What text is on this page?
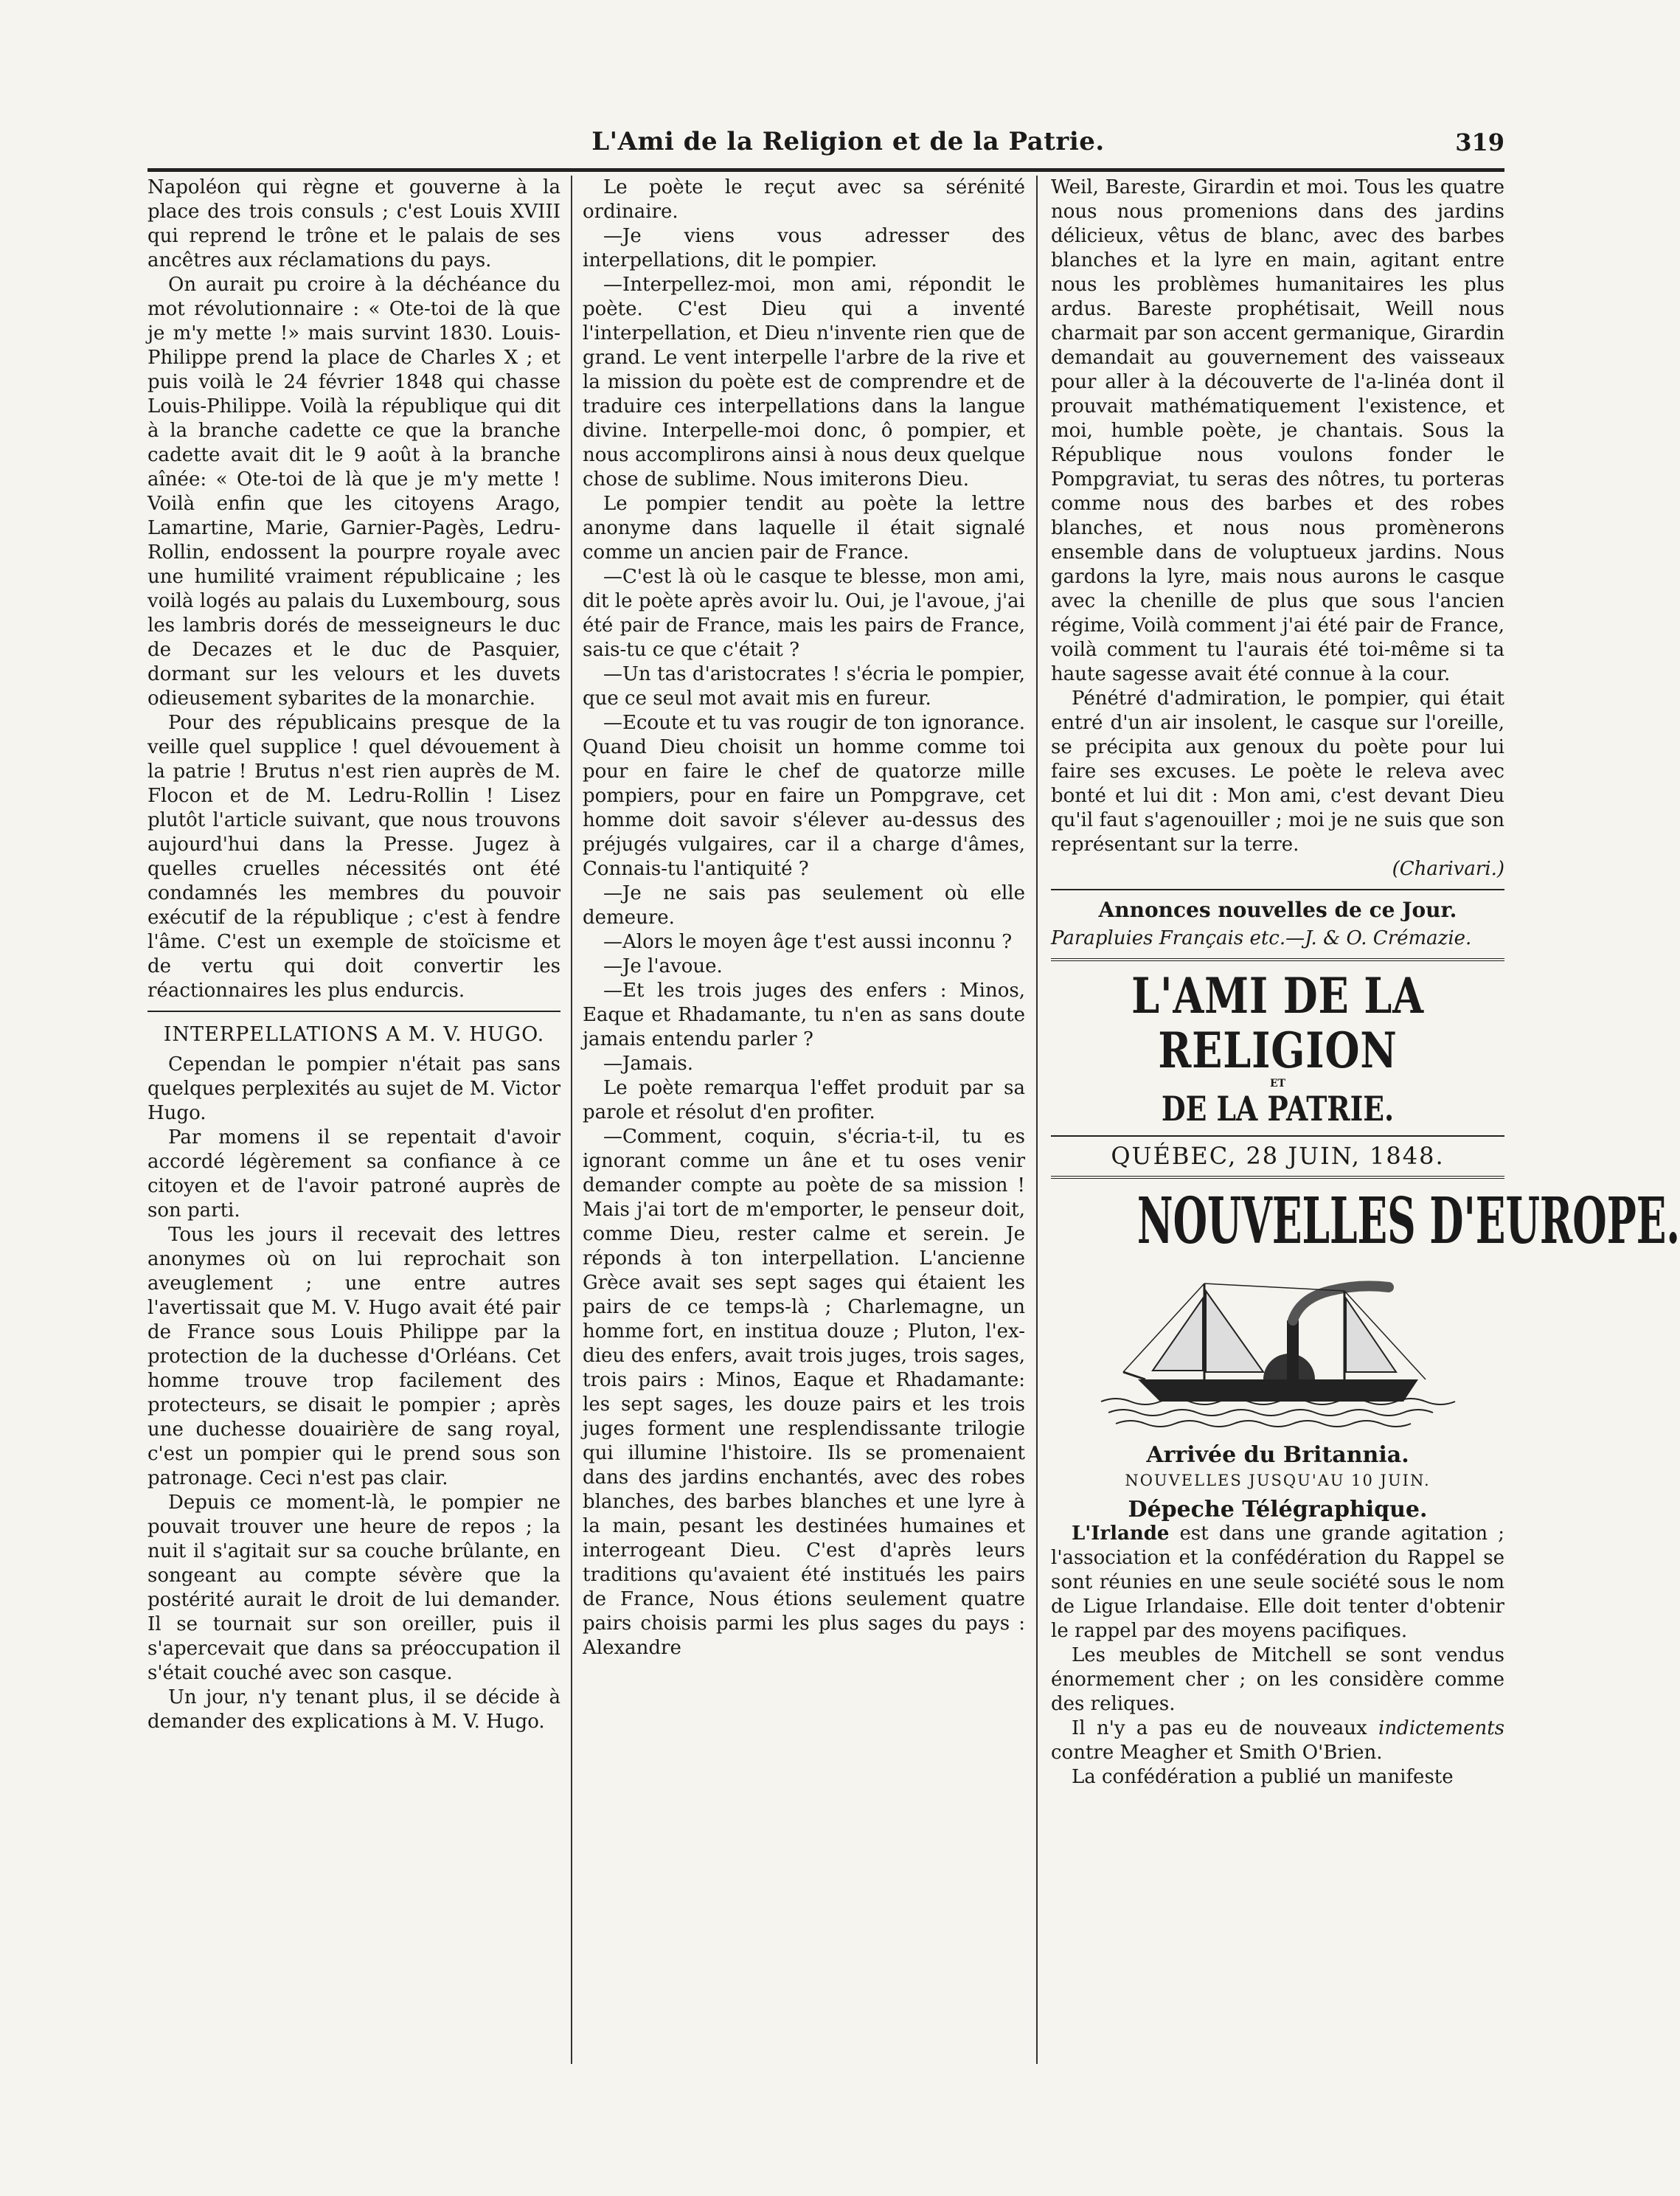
L'Ami de la Religion et de la Patrie.	319

Napoléon qui règne et gouverne à la place des trois consuls ; c'est Louis XVIII qui reprend le trône et le palais de ses ancêtres aux réclamations du pays.

On aurait pu croire à la déchéance du mot révolutionnaire : « Ote-toi de là que je m'y mette !» mais survint 1830. Louis-Philippe prend la place de Charles X ; et puis voilà le 24 février 1848 qui chasse Louis-Philippe. Voilà la république qui dit à la branche cadette ce que la branche cadette avait dit le 9 août à la branche aînée: « Ote-toi de là que je m'y mette ! Voilà enfin que les citoyens Arago, Lamartine, Marie, Garnier-Pagès, Ledru-Rollin, endossent la pourpre royale avec une humilité vraiment républicaine ; les voilà logés au palais du Luxembourg, sous les lambris dorés de messeigneurs le duc de Decazes et le duc de Pasquier, dormant sur les velours et les duvets odieusement sybarites de la monarchie.

Pour des républicains presque de la veille quel supplice ! quel dévouement à la patrie ! Brutus n'est rien auprès de M. Flocon et de M. Ledru-Rollin ! Lisez plutôt l'article suivant, que nous trouvons aujourd'hui dans la Presse. Jugez à quelles cruelles nécessités ont été condamnés les membres du pouvoir exécutif de la république ; c'est à fendre l'âme. C'est un exemple de stoïcisme et de vertu qui doit convertir les réactionnaires les plus endurcis.

INTERPELLATIONS A M. V. HUGO.

Cependan le pompier n'était pas sans quelques perplexités au sujet de M. Victor Hugo.

Par momens il se repentait d'avoir accordé légèrement sa confiance à ce citoyen et de l'avoir patroné auprès de son parti.

Tous les jours il recevait des lettres anonymes où on lui reprochait son aveuglement ; une entre autres l'avertissait que M. V. Hugo avait été pair de France sous Louis Philippe par la protection de la duchesse d'Orléans. Cet homme trouve trop facilement des protecteurs, se disait le pompier ; après une duchesse douairière de sang royal, c'est un pompier qui le prend sous son patronage. Ceci n'est pas clair.

Depuis ce moment-là, le pompier ne pouvait trouver une heure de repos ; la nuit il s'agitait sur sa couche brûlante, en songeant au compte sévère que la postérité aurait le droit de lui demander. Il se tournait sur son oreiller, puis il s'apercevait que dans sa préoccupation il s'était couché avec son casque.

Un jour, n'y tenant plus, il se décide à demander des explications à M. V. Hugo.

Le poète le reçut avec sa sérénité ordinaire.

—Je viens vous adresser des interpellations, dit le pompier.

—Interpellez-moi, mon ami, répondit le poète. C'est Dieu qui a inventé l'interpellation, et Dieu n'invente rien que de grand. Le vent interpelle l'arbre de la rive et la mission du poète est de comprendre et de traduire ces interpellations dans la langue divine. Interpelle-moi donc, ô pompier, et nous accomplirons ainsi à nous deux quelque chose de sublime. Nous imiterons Dieu.

Le pompier tendit au poète la lettre anonyme dans laquelle il était signalé comme un ancien pair de France.

—C'est là où le casque te blesse, mon ami, dit le poète après avoir lu. Oui, je l'avoue, j'ai été pair de France, mais les pairs de France, sais-tu ce que c'était ?

—Un tas d'aristocrates ! s'écria le pompier, que ce seul mot avait mis en fureur.

—Ecoute et tu vas rougir de ton ignorance. Quand Dieu choisit un homme comme toi pour en faire le chef de quatorze mille pompiers, pour en faire un Pompgrave, cet homme doit savoir s'élever au-dessus des préjugés vulgaires, car il a charge d'âmes, Connais-tu l'antiquité ?

—Je ne sais pas seulement où elle demeure.

—Alors le moyen âge t'est aussi inconnu ?

—Je l'avoue.

—Et les trois juges des enfers : Minos, Eaque et Rhadamante, tu n'en as sans doute jamais entendu parler ?

—Jamais.

Le poète remarqua l'effet produit par sa parole et résolut d'en profiter.

—Comment, coquin, s'écria-t-il, tu es ignorant comme un âne et tu oses venir demander compte au poète de sa mission ! Mais j'ai tort de m'emporter, le penseur doit, comme Dieu, rester calme et serein. Je réponds à ton interpellation. L'ancienne Grèce avait ses sept sages qui étaient les pairs de ce temps-là ; Charlemagne, un homme fort, en institua douze ; Pluton, l'ex-dieu des enfers, avait trois juges, trois sages, trois pairs : Minos, Eaque et Rhadamante: les sept sages, les douze pairs et les trois juges forment une resplendissante trilogie qui illumine l'histoire. Ils se promenaient dans des jardins enchantés, avec des robes blanches, des barbes blanches et une lyre à la main, pesant les destinées humaines et interrogeant Dieu. C'est d'après leurs traditions qu'avaient été institués les pairs de France, Nous étions seulement quatre pairs choisis parmi les plus sages du pays : Alexandre

Weil, Bareste, Girardin et moi. Tous les quatre nous nous promenions dans des jardins délicieux, vêtus de blanc, avec des barbes blanches et la lyre en main, agitant entre nous les problèmes humanitaires les plus ardus. Bareste prophétisait, Weill nous charmait par son accent germanique, Girardin demandait au gouvernement des vaisseaux pour aller à la découverte de l'a-linéa dont il prouvait mathématiquement l'existence, et moi, humble poète, je chantais. Sous la République nous voulons fonder le Pompgraviat, tu seras des nôtres, tu porteras comme nous des barbes et des robes blanches, et nous nous promènerons ensemble dans de voluptueux jardins. Nous gardons la lyre, mais nous aurons le casque avec la chenille de plus que sous l'ancien régime, Voilà comment j'ai été pair de France, voilà comment tu l'aurais été toi-même si ta haute sagesse avait été connue à la cour.

Pénétré d'admiration, le pompier, qui était entré d'un air insolent, le casque sur l'oreille, se précipita aux genoux du poète pour lui faire ses excuses. Le poète le releva avec bonté et lui dit : Mon ami, c'est devant Dieu qu'il faut s'agenouiller ; moi je ne suis que son représentant sur la terre.

(Charivari.)
Annonces nouvelles de ce Jour.

Parapluies Français etc.—J. & O. Crémazie.

L'AMI DE LA RELIGION
ET
DE LA PATRIE.
QUÉBEC, 28 JUIN, 1848.
NOUVELLES D'EUROPE.
Arrivée du Britannia.
NOUVELLES JUSQU'AU 10 JUIN.
Dépeche Télégraphique.

L'Irlande est dans une grande agitation ; l'association et la confédération du Rappel se sont réunies en une seule société sous le nom de Ligue Irlandaise. Elle doit tenter d'obtenir le rappel par des moyens pacifiques.

Les meubles de Mitchell se sont vendus énormement cher ; on les considère comme des reliques.

Il n'y a pas eu de nouveaux indictements contre Meagher et Smith O'Brien.

La confédération a publié un manifeste
